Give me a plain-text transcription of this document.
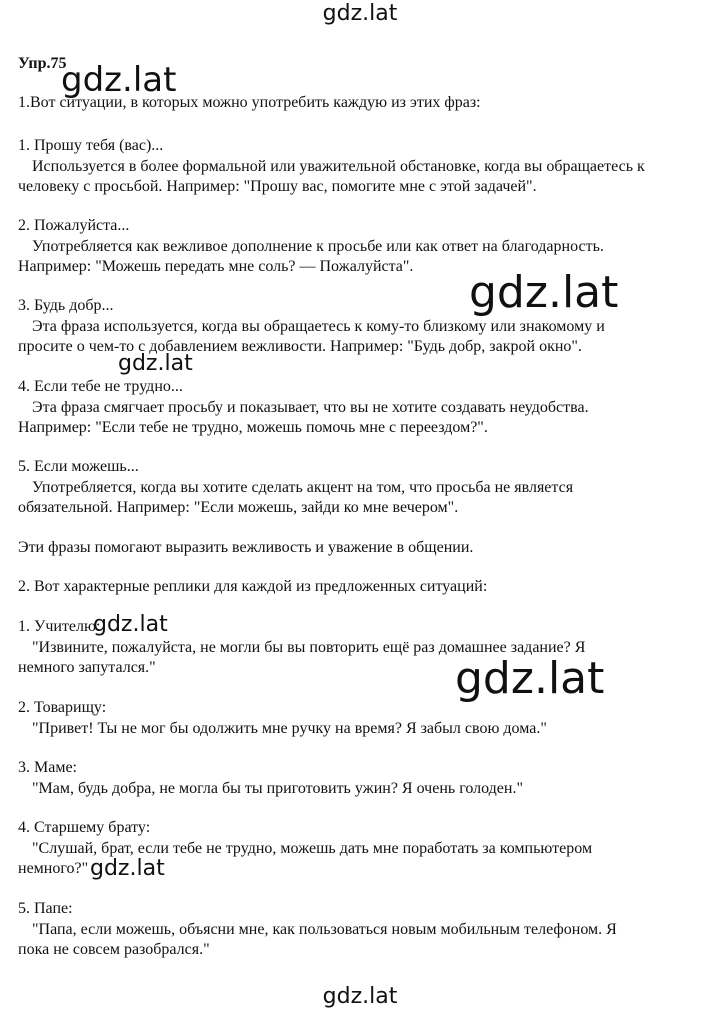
Упр.75
1.Вот ситуации, в которых можно употребить каждую из этих фраз:
1. Прошу тебя (вас)...
Используется в более формальной или уважительной обстановке, когда вы обращаетесь к
человеку с просьбой. Например: "Прошу вас, помогите мне с этой задачей".
2. Пожалуйста...
Употребляется как вежливое дополнение к просьбе или как ответ на благодарность.
Например: "Можешь передать мне соль? — Пожалуйста".
3. Будь добр...
Эта фраза используется, когда вы обращаетесь к кому-то близкому или знакомому и
просите о чем-то с добавлением вежливости. Например: "Будь добр, закрой окно".
4. Если тебе не трудно...
Эта фраза смягчает просьбу и показывает, что вы не хотите создавать неудобства.
Например: "Если тебе не трудно, можешь помочь мне с переездом?".
5. Если можешь...
Употребляется, когда вы хотите сделать акцент на том, что просьба не является
обязательной. Например: "Если можешь, зайди ко мне вечером".
Эти фразы помогают выразить вежливость и уважение в общении.
2. Вот характерные реплики для каждой из предложенных ситуаций:
1. Учителю:
"Извините, пожалуйста, не могли бы вы повторить ещё раз домашнее задание? Я
немного запутался."
2. Товарищу:
"Привет! Ты не мог бы одолжить мне ручку на время? Я забыл свою дома."
3. Маме:
"Мам, будь добра, не могла бы ты приготовить ужин? Я очень голоден."
4. Старшему брату:
"Слушай, брат, если тебе не трудно, можешь дать мне поработать за компьютером
немного?"
5. Папе:
"Папа, если можешь, объясни мне, как пользоваться новым мобильным телефоном. Я
пока не совсем разобрался."
gdz.lat
gdz.lat
gdz.lat
gdz.lat
gdz.lat
gdz.lat
gdz.lat
gdz.lat
